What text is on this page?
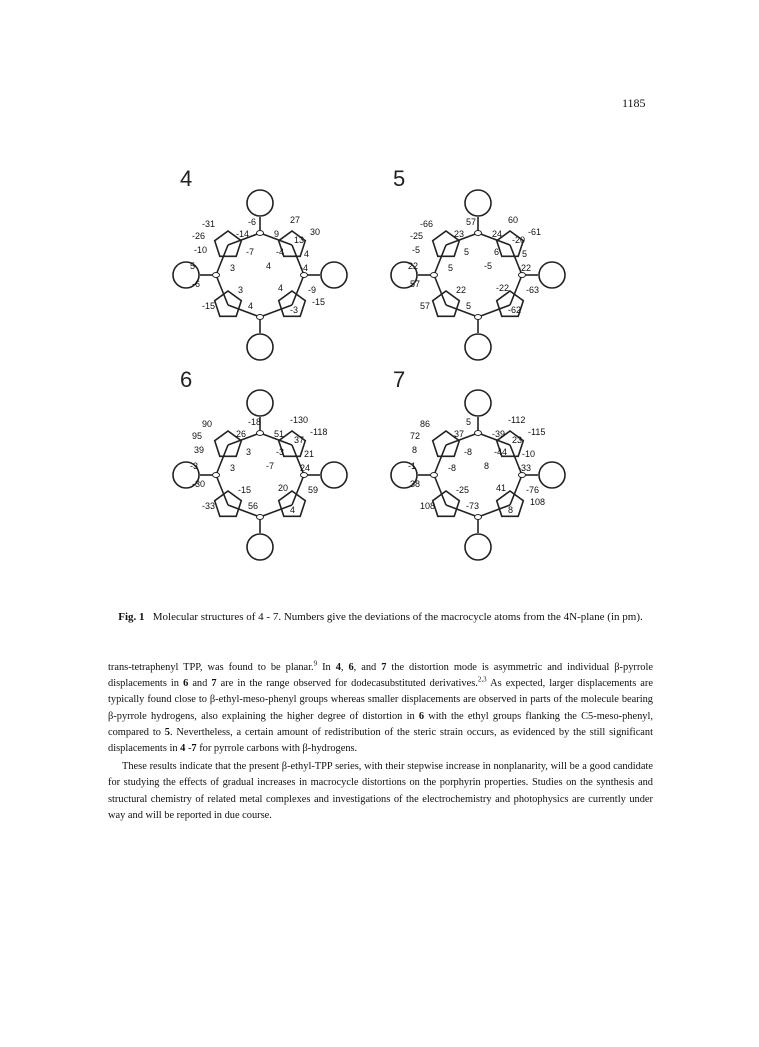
1185
4	5
6	7
-31	-6	27
30
-26	-14	9
13
-10	-7 -4 4
5	3	4	-4
-6
3	4	-9
-15	4	-3
-15
-66	57	60
-61
-25	23	24
-20
-5	5	6	5
22	5	-5	-22
57
22	-22 -63
57	5	-62
90	-18	-130
-118
95	26	51
37
39	3	-3 21
-3	3	-7	24
-30
-15	20 59
-33	56	4
86	5	-112
-115
72	37	-39
23
8	-8 -44 -10
-1	-8	8	-33
38
-25	41 -76
108	-73	8
108
Fig. 1 Molecular structures of 4 - 7. Numbers give the deviations of the macrocycle atoms from the 4N-plane (in pm).

trans-tetraphenyl TPP, was found to be planar.$^9$ In 4, 6, and 7 the distortion mode is asymmetric and individual β-pyrrole displacements in 6 and 7 are in the range observed for dodecasubstituted derivatives.$^{2,3}$ As expected, larger displacements are typically found close to β-ethyl-meso-phenyl groups whereas smaller displacements are observed in parts of the molecule bearing β-pyrrole hydrogens, also explaining the higher degree of distortion in 6 with the ethyl groups flanking the C5-meso-phenyl, compared to 5. Nevertheless, a certain amount of redistribution of the steric strain occurs, as evidenced by the still significant displacements in 4 -7 for pyrrole carbons with β-hydrogens.

These results indicate that the present β-ethyl-TPP series, with their stepwise increase in nonplanarity, will be a good candidate for studying the effects of gradual increases in macrocycle distortions on the porphyrin properties. Studies on the synthesis and structural chemistry of related metal complexes and investigations of the electrochemistry and photophysics are currently under way and will be reported in due course.
